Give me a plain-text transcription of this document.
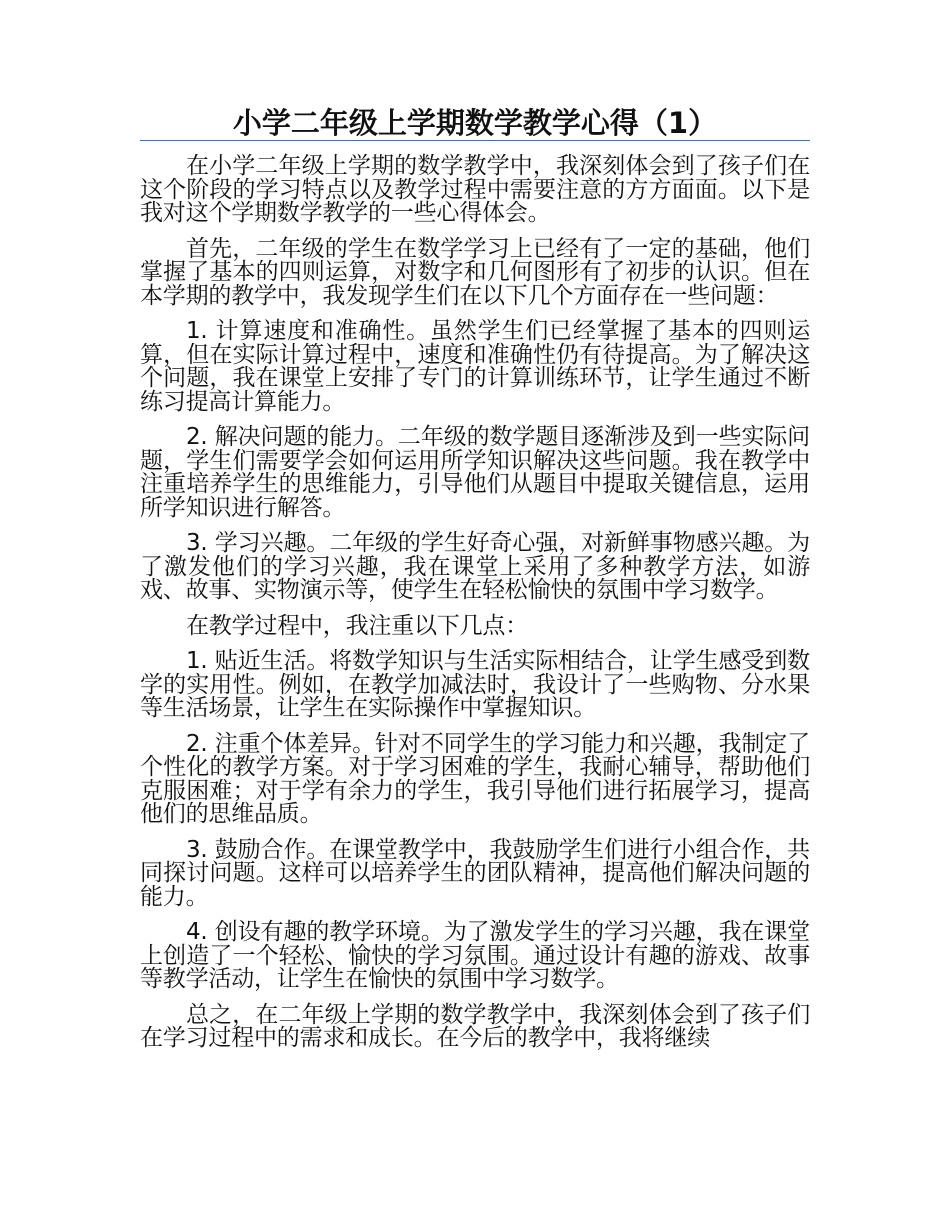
小学二年级上学期数学教学心得（1）

在小学二年级上学期的数学教学中，我深刻体会到了孩子们在这个阶段的学习特点以及教学过程中需要注意的方方面面。以下是我对这个学期数学教学的一些心得体会。

首先，二年级的学生在数学学习上已经有了一定的基础，他们掌握了基本的四则运算，对数字和几何图形有了初步的认识。但在本学期的教学中，我发现学生们在以下几个方面存在一些问题：

1. 计算速度和准确性。虽然学生们已经掌握了基本的四则运算，但在实际计算过程中，速度和准确性仍有待提高。为了解决这个问题，我在课堂上安排了专门的计算训练环节，让学生通过不断练习提高计算能力。

2. 解决问题的能力。二年级的数学题目逐渐涉及到一些实际问题，学生们需要学会如何运用所学知识解决这些问题。我在教学中注重培养学生的思维能力，引导他们从题目中提取关键信息，运用所学知识进行解答。

3. 学习兴趣。二年级的学生好奇心强，对新鲜事物感兴趣。为了激发他们的学习兴趣，我在课堂上采用了多种教学方法，如游戏、故事、实物演示等，使学生在轻松愉快的氛围中学习数学。

在教学过程中，我注重以下几点：

1. 贴近生活。将数学知识与生活实际相结合，让学生感受到数学的实用性。例如，在教学加减法时，我设计了一些购物、分水果等生活场景，让学生在实际操作中掌握知识。

2. 注重个体差异。针对不同学生的学习能力和兴趣，我制定了个性化的教学方案。对于学习困难的学生，我耐心辅导，帮助他们克服困难；对于学有余力的学生，我引导他们进行拓展学习，提高他们的思维品质。

3. 鼓励合作。在课堂教学中，我鼓励学生们进行小组合作，共同探讨问题。这样可以培养学生的团队精神，提高他们解决问题的能力。

4. 创设有趣的教学环境。为了激发学生的学习兴趣，我在课堂上创造了一个轻松、愉快的学习氛围。通过设计有趣的游戏、故事等教学活动，让学生在愉快的氛围中学习数学。

总之，在二年级上学期的数学教学中，我深刻体会到了孩子们在学习过程中的需求和成长。在今后的教学中，我将继续
